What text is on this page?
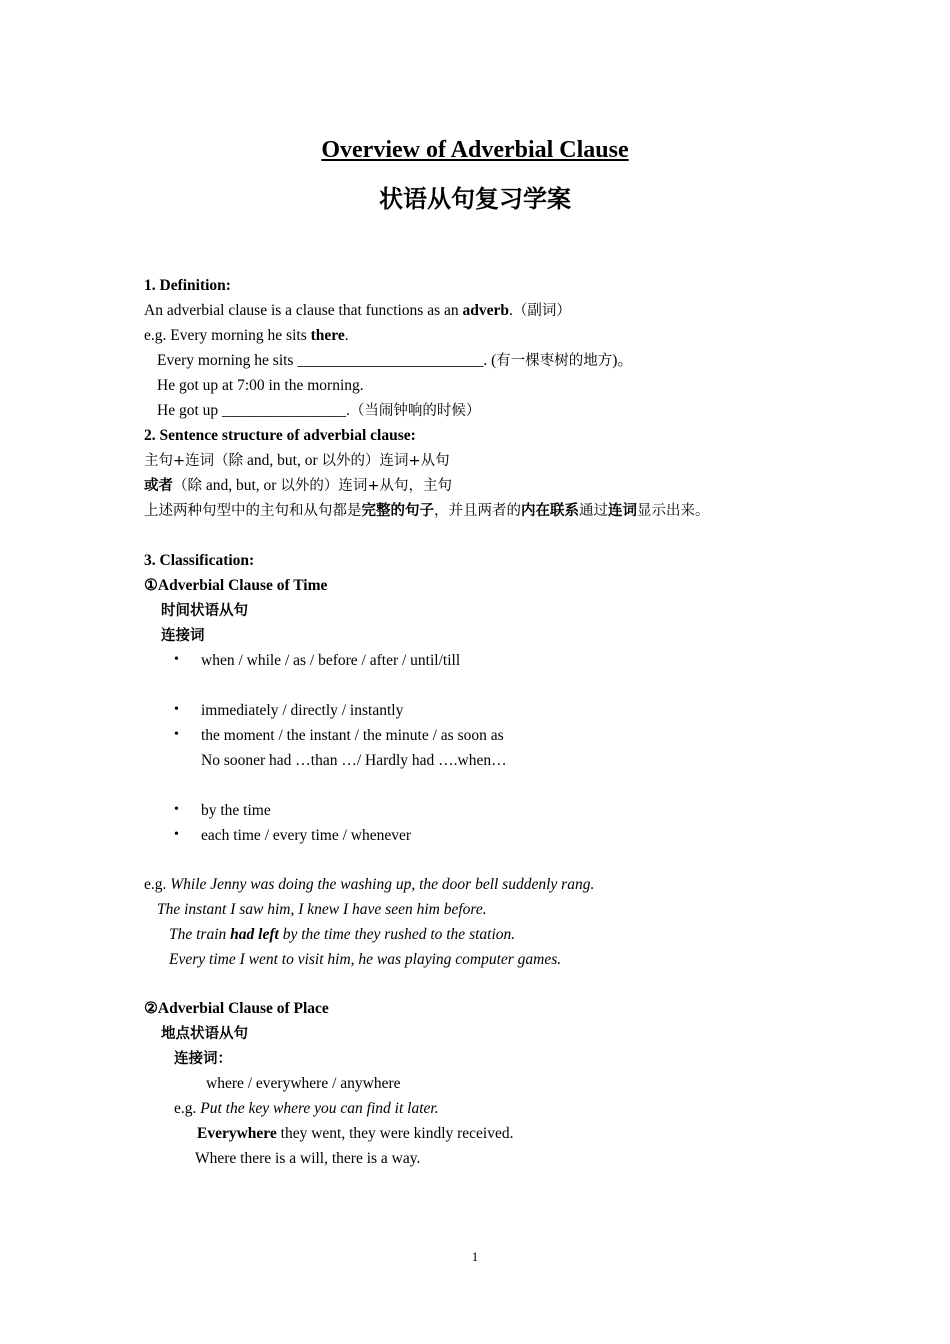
Overview of Adverbial Clause
状语从句复习学案
1. Definition:
An adverbial clause is a clause that functions as an adverb.（副词）
e.g. Every morning he sits there.
Every morning he sits ________________________. (有一棵枣树的地方)。
He got up at 7:00 in the morning.
He got up ________________.（当闹钟响的时候）
2. Sentence structure of adverbial clause:
主句+连词（除 and, but, or 以外的）连词+从句
或者（除 and, but, or 以外的）连词+从句，主句
上述两种句型中的主句和从句都是完整的句子，并且两者的内在联系通过连词显示出来。
3. Classification:
①Adverbial Clause of Time
时间状语从句
连接词
• when / while / as / before / after / until/till
• immediately / directly / instantly
• the moment / the instant / the minute / as soon as
No sooner had …than …/ Hardly had ….when…
• by the time
• each time / every time / whenever
e.g. While Jenny was doing the washing up, the door bell suddenly rang.
The instant I saw him, I knew I have seen him before.
The train had left by the time they rushed to the station.
Every time I went to visit him, he was playing computer games.
②Adverbial Clause of Place
地点状语从句
连接词：
where / everywhere / anywhere
e.g. Put the key where you can find it later.
Everywhere they went, they were kindly received.
Where there is a will, there is a way.
1
